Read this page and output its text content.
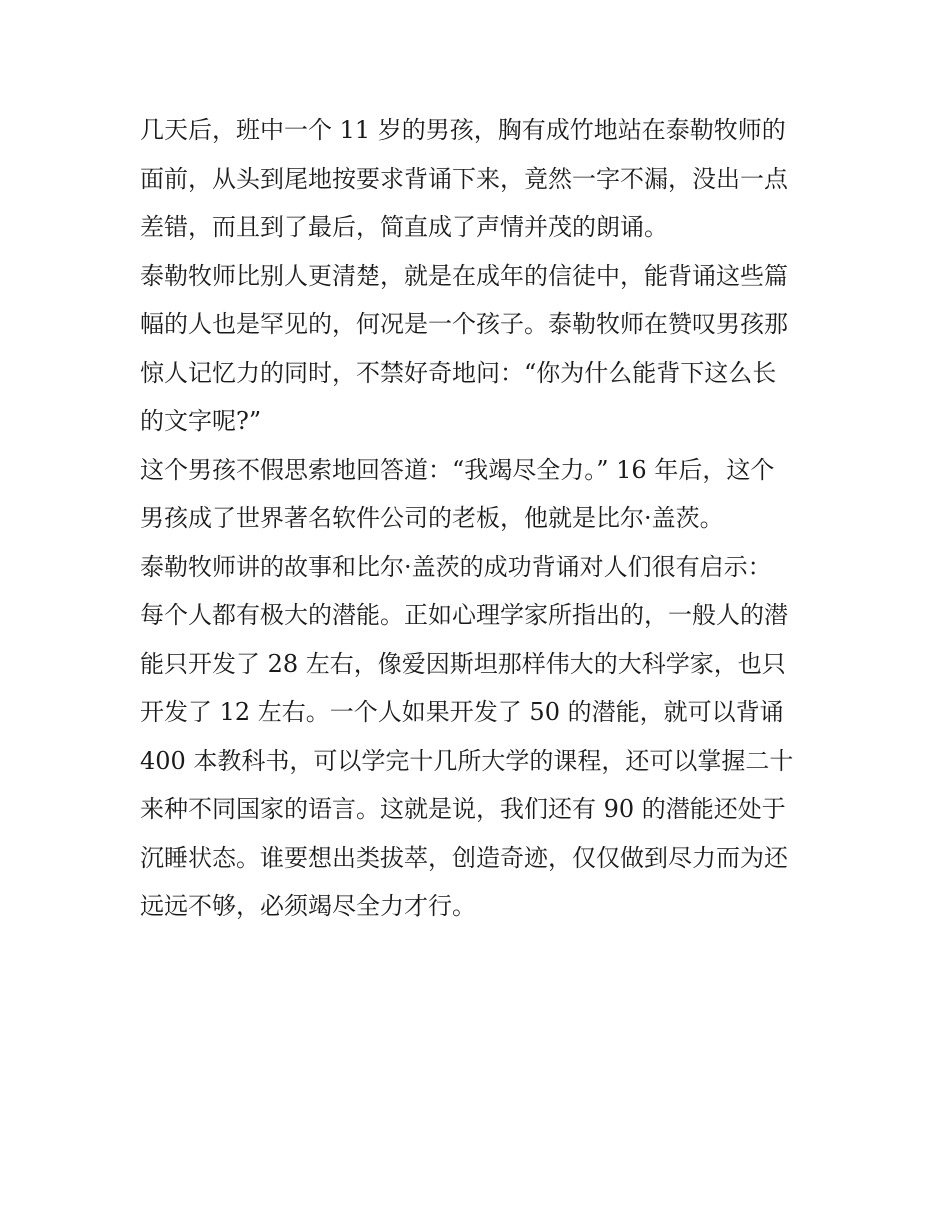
几天后，班中一个 11 岁的男孩，胸有成竹地站在泰勒牧师的
面前，从头到尾地按要求背诵下来，竟然一字不漏，没出一点
差错，而且到了最后，简直成了声情并茂的朗诵。
泰勒牧师比别人更清楚，就是在成年的信徒中，能背诵这些篇
幅的人也是罕见的，何况是一个孩子。泰勒牧师在赞叹男孩那
惊人记忆力的同时，不禁好奇地问：“你为什么能背下这么长
的文字呢?”
这个男孩不假思索地回答道：“我竭尽全力。” 16 年后，这个
男孩成了世界著名软件公司的老板，他就是比尔·盖茨。
泰勒牧师讲的故事和比尔·盖茨的成功背诵对人们很有启示：
每个人都有极大的潜能。正如心理学家所指出的，一般人的潜
能只开发了 28 左右，像爱因斯坦那样伟大的大科学家，也只
开发了 12 左右。一个人如果开发了 50 的潜能，就可以背诵
400 本教科书，可以学完十几所大学的课程，还可以掌握二十
来种不同国家的语言。这就是说，我们还有 90 的潜能还处于
沉睡状态。谁要想出类拔萃，创造奇迹，仅仅做到尽力而为还
远远不够，必须竭尽全力才行。
